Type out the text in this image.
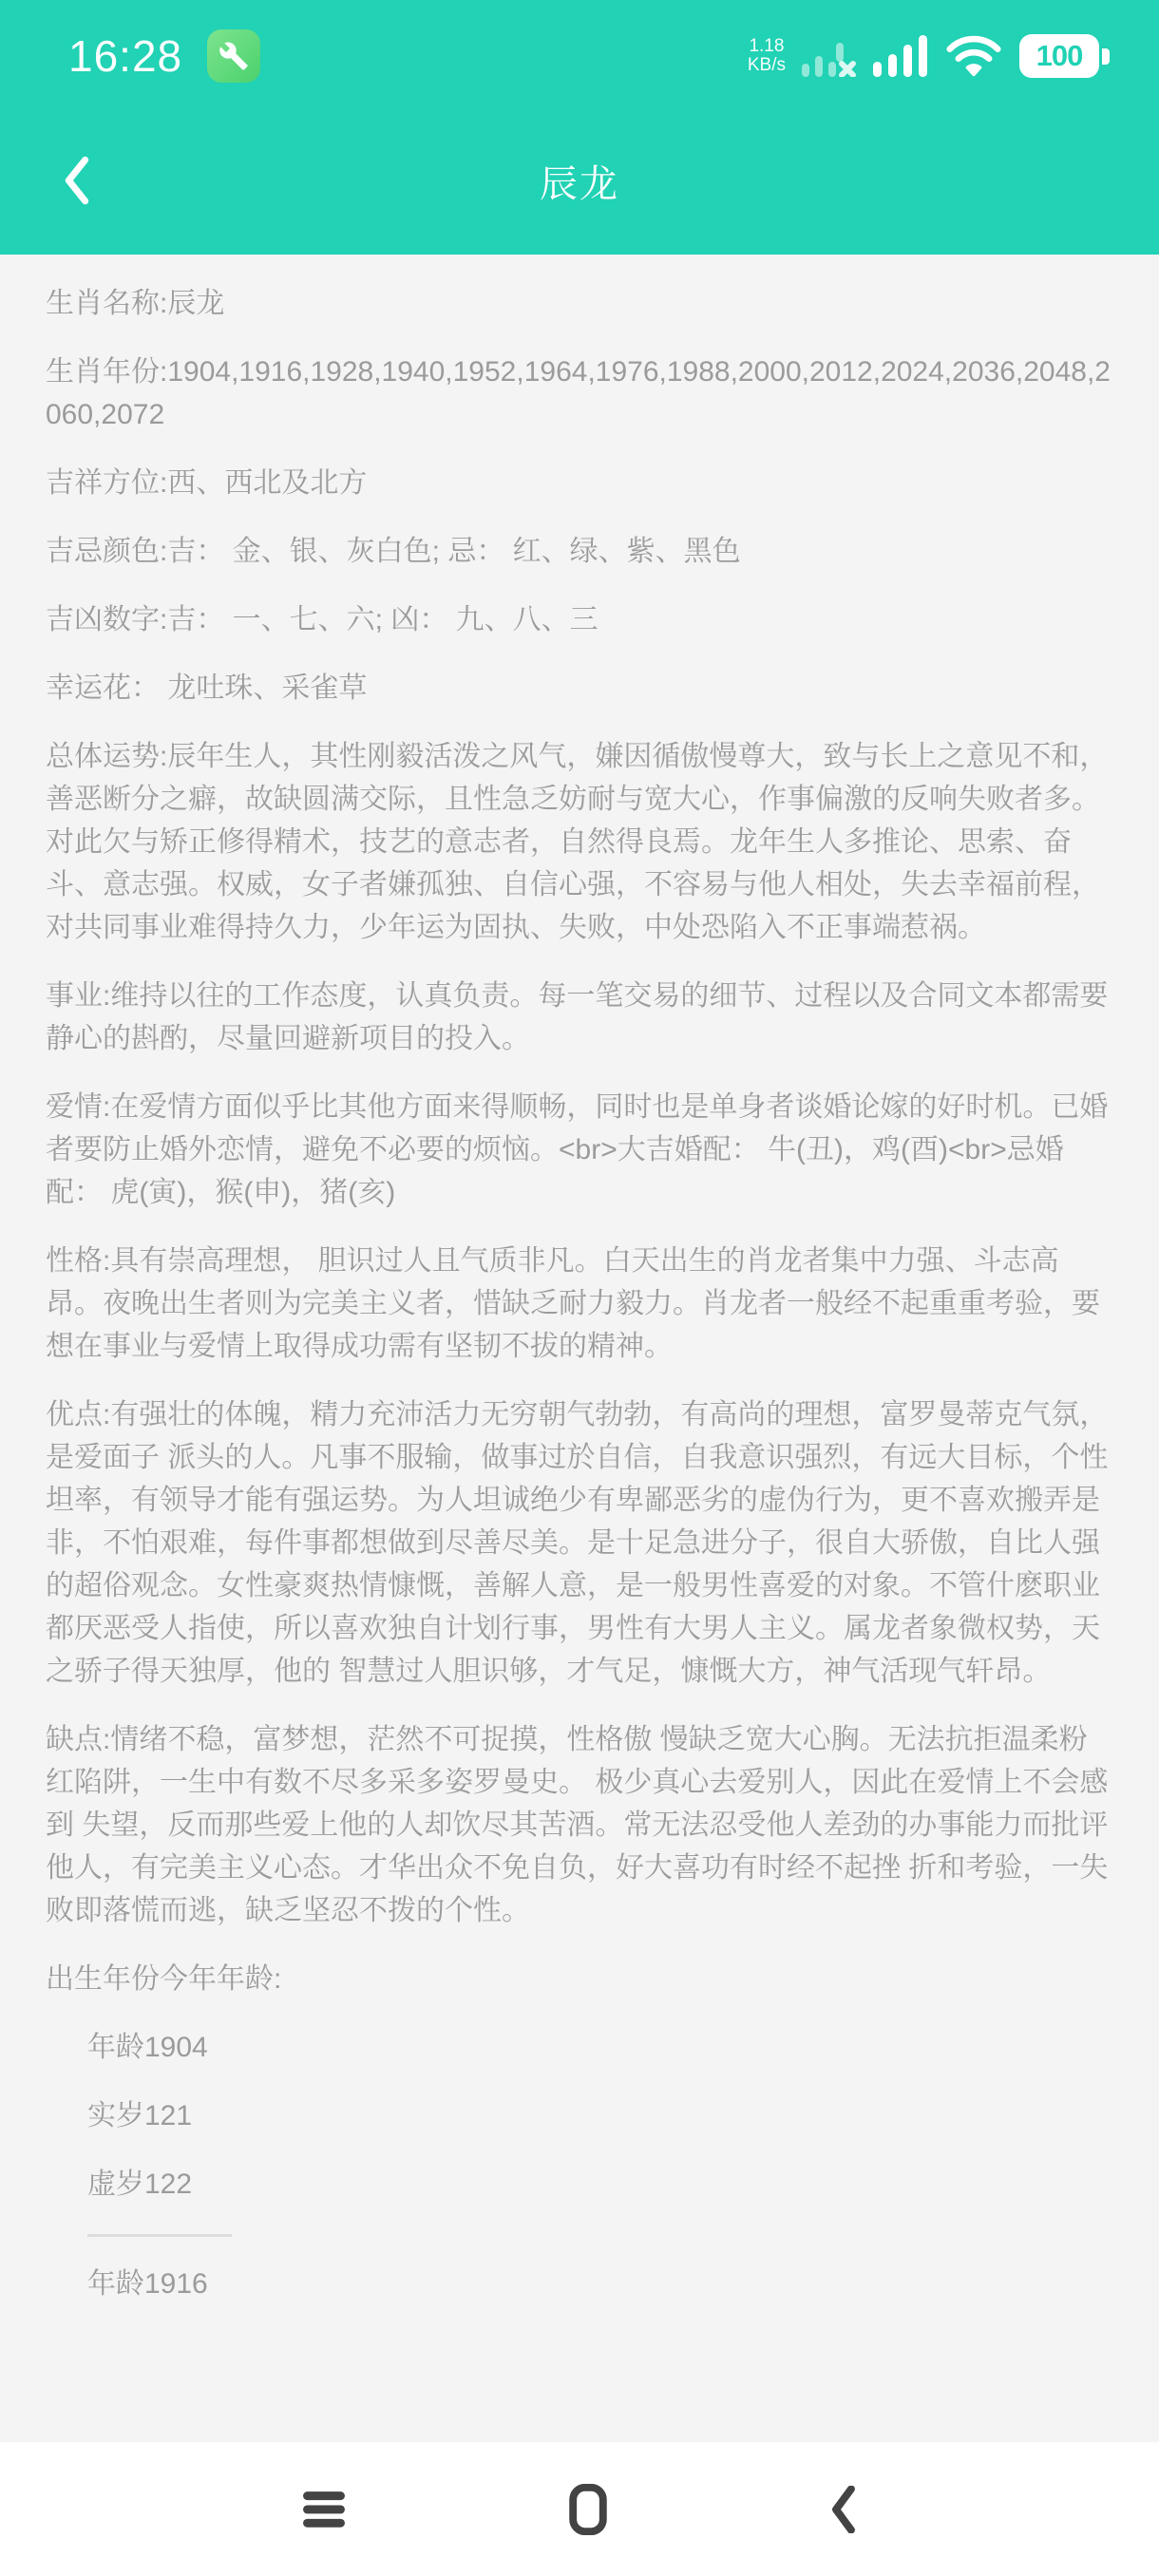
16:28	1.18
KB/s	100
辰龙

生肖名称:辰龙

生肖年份:1904,1916,1928,1940,1952,1964,1976,1988,2000,2012,2024,2036,2048,2060,2072

吉祥方位:西、西北及北方

吉忌颜色:吉： 金、银、灰白色; 忌： 红、绿、紫、黑色

吉凶数字:吉： 一、七、六; 凶： 九、八、三

幸运花： 龙吐珠、采雀草

总体运势:辰年生人，其性刚毅活泼之风气，嫌因循傲慢尊大，致与长上之意见不和，善恶断分之癖，故缺圆满交际，且性急乏妨耐与宽大心，作事偏激的反响失败者多。对此欠与矫正修得精术，技艺的意志者，自然得良焉。龙年生人多推论、思索、奋斗、意志强。权威，女子者嫌孤独、自信心强，不容易与他人相处，失去幸福前程，对共同事业难得持久力，少年运为固执、失败，中处恐陷入不正事端惹祸。

事业:维持以往的工作态度，认真负责。每一笔交易的细节、过程以及合同文本都需要静心的斟酌，尽量回避新项目的投入。

爱情:在爱情方面似乎比其他方面来得顺畅，同时也是单身者谈婚论嫁的好时机。已婚者要防止婚外恋情，避免不必要的烦恼。<br>大吉婚配： 牛(丑)，鸡(酉)<br>忌婚配： 虎(寅)，猴(申)，猪(亥)

性格:具有崇高理想， 胆识过人且气质非凡。白天出生的肖龙者集中力强、斗志高昂。夜晚出生者则为完美主义者，惜缺乏耐力毅力。肖龙者一般经不起重重考验，要想在事业与爱情上取得成功需有坚韧不拔的精神。

优点:有强壮的体魄，精力充沛活力无穷朝气勃勃，有高尚的理想，富罗曼蒂克气氛，是爱面子 派头的人。凡事不服输，做事过於自信，自我意识强烈，有远大目标，个性坦率，有领导才能有强运势。为人坦诚绝少有卑鄙恶劣的虚伪行为，更不喜欢搬弄是非，不怕艰难，每件事都想做到尽善尽美。是十足急进分子，很自大骄傲，自比人强的超俗观念。女性豪爽热情慷慨，善解人意，是一般男性喜爱的对象。不管什麽职业都厌恶受人指使，所以喜欢独自计划行事，男性有大男人主义。属龙者象微权势，天之骄子得天独厚，他的 智慧过人胆识够，才气足，慷慨大方，神气活现气轩昂。

缺点:情绪不稳，富梦想，茫然不可捉摸，性格傲 慢缺乏宽大心胸。无法抗拒温柔粉红陷阱，一生中有数不尽多采多姿罗曼史。 极少真心去爱别人，因此在爱情上不会感到 失望，反而那些爱上他的人却饮尽其苦酒。常无法忍受他人差劲的办事能力而批评他人，有完美主义心态。才华出众不免自负，好大喜功有时经不起挫 折和考验，一失败即落慌而逃，缺乏坚忍不拨的个性。

出生年份今年年龄:

年龄1904

实岁121

虚岁122

年龄1916
